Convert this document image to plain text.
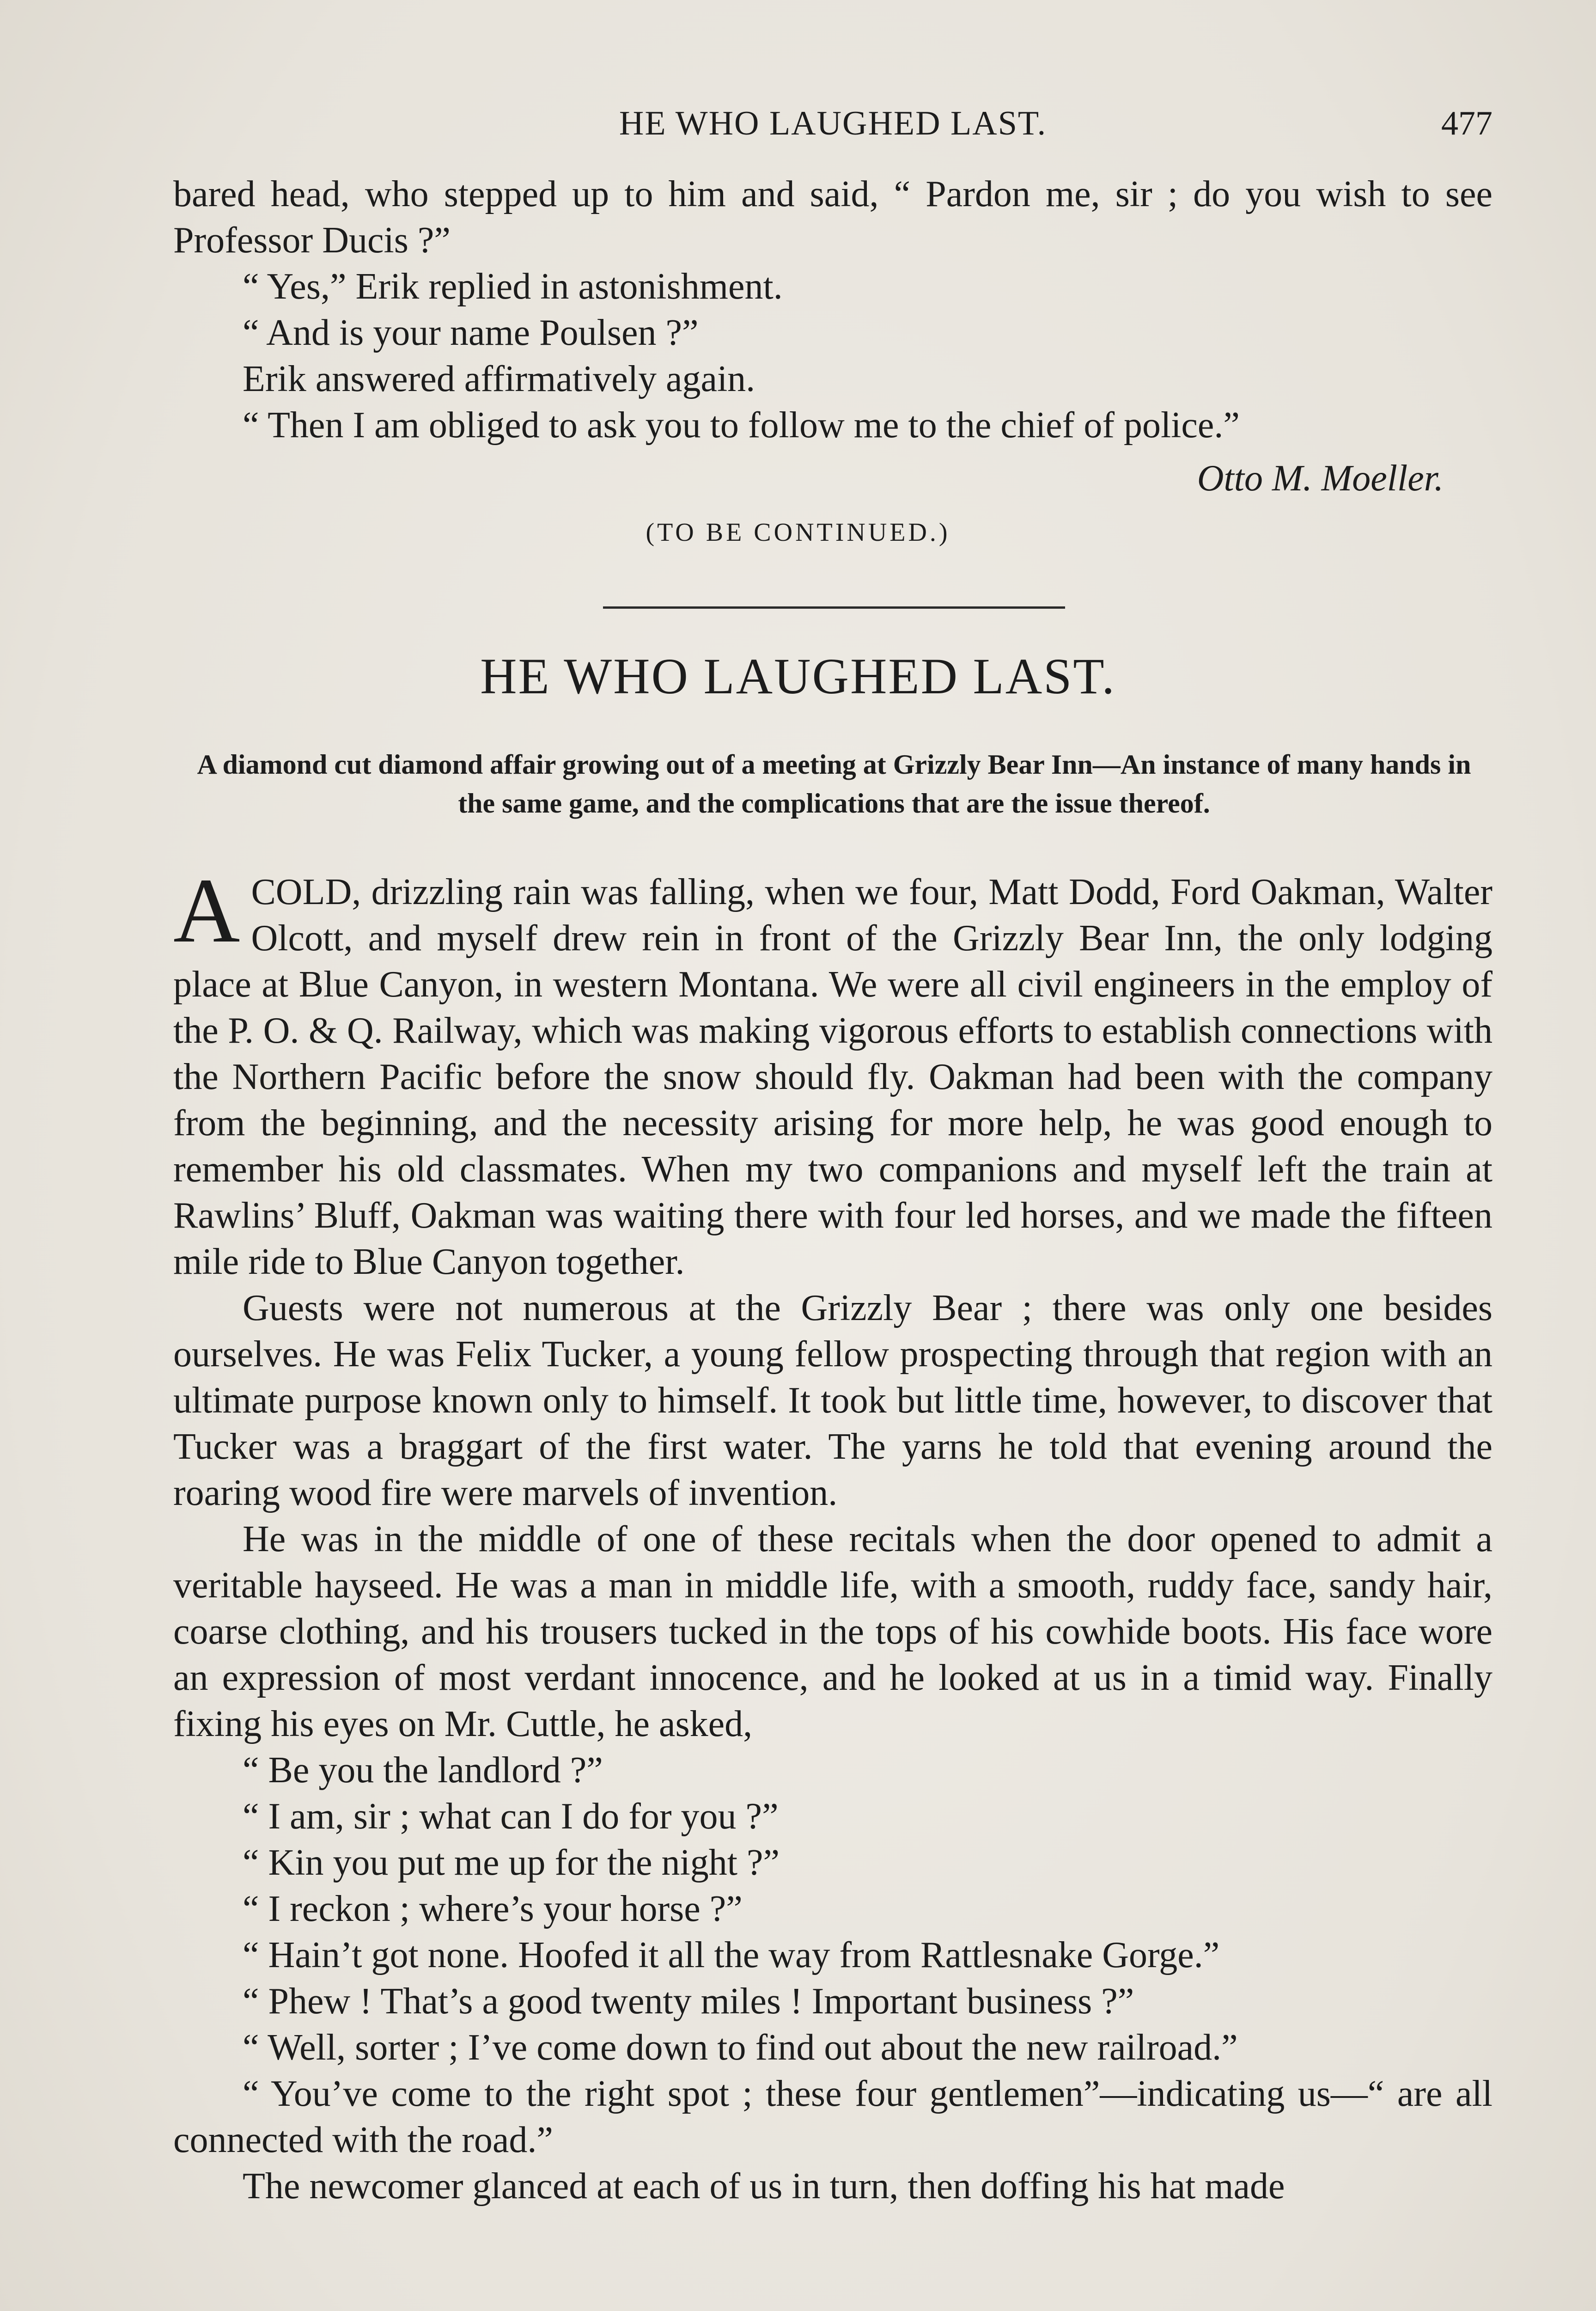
HE WHO LAUGHED LAST.	477

bared head, who stepped up to him and said, “ Pardon me, sir ; do you wish to see Professor Ducis ?”

“ Yes,” Erik replied in astonishment.

“ And is your name Poulsen ?”

Erik answered affirmatively again.

“ Then I am obliged to ask you to follow me to the chief of police.”

Otto M. Moeller.
(TO BE CONTINUED.)
HE WHO LAUGHED LAST.
A diamond cut diamond affair growing out of a meeting at Grizzly Bear Inn—An instance of many hands in the same game, and the complications that are the issue thereof.

ACOLD, drizzling rain was falling, when we four, Matt Dodd, Ford Oakman, Walter Olcott, and myself drew rein in front of the Grizzly Bear Inn, the only lodging place at Blue Canyon, in western Montana. We were all civil engineers in the employ of the P. O. & Q. Railway, which was making vigorous efforts to establish connections with the Northern Pacific before the snow should fly. Oakman had been with the company from the beginning, and the necessity arising for more help, he was good enough to remember his old classmates. When my two companions and myself left the train at Rawlins’ Bluff, Oakman was waiting there with four led horses, and we made the fifteen mile ride to Blue Canyon together.

Guests were not numerous at the Grizzly Bear ; there was only one besides ourselves. He was Felix Tucker, a young fellow prospecting through that region with an ultimate purpose known only to himself. It took but little time, however, to discover that Tucker was a braggart of the first water. The yarns he told that evening around the roaring wood fire were marvels of invention.

He was in the middle of one of these recitals when the door opened to admit a veritable hayseed. He was a man in middle life, with a smooth, ruddy face, sandy hair, coarse clothing, and his trousers tucked in the tops of his cowhide boots. His face wore an expression of most verdant innocence, and he looked at us in a timid way. Finally fixing his eyes on Mr. Cuttle, he asked,

“ Be you the landlord ?”

“ I am, sir ; what can I do for you ?”

“ Kin you put me up for the night ?”

“ I reckon ; where’s your horse ?”

“ Hain’t got none. Hoofed it all the way from Rattlesnake Gorge.”

“ Phew ! That’s a good twenty miles ! Important business ?”

“ Well, sorter ; I’ve come down to find out about the new railroad.”

“ You’ve come to the right spot ; these four gentlemen”—indicating us—“ are all connected with the road.”

The newcomer glanced at each of us in turn, then doffing his hat made
